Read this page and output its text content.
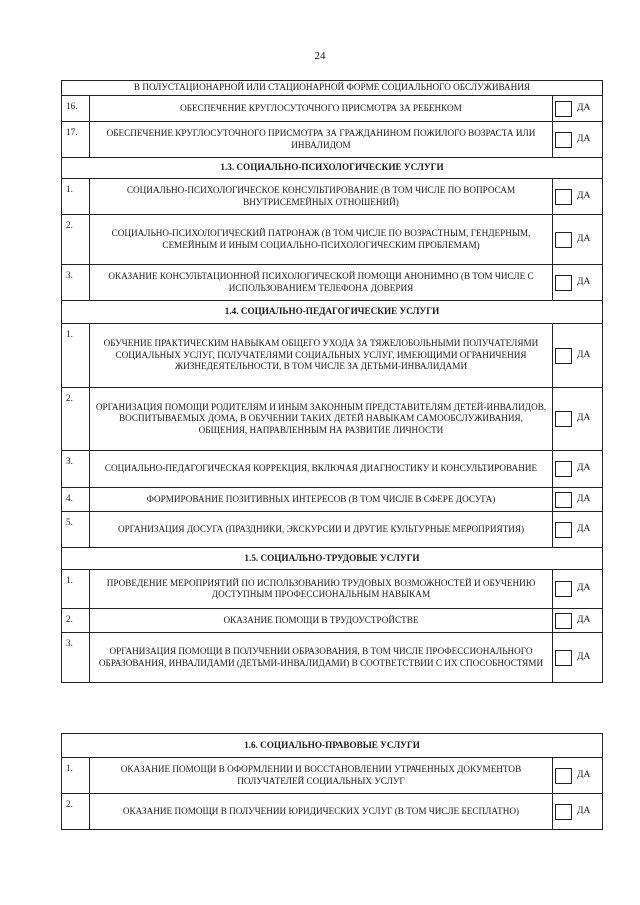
24
В ПОЛУСТАЦИОНАРНОЙ ИЛИ СТАЦИОНАРНОЙ ФОРМЕ СОЦИАЛЬНОГО ОБСЛУЖИВАНИЯ		
16.	ОБЕСПЕЧЕНИЕ КРУГЛОСУТОЧНОГО ПРИСМОТРА ЗА РЕБЕНКОМ	ДА

17.	ОБЕСПЕЧЕНИЕ КРУГЛОСУТОЧНОГО ПРИСМОТРА ЗА ГРАЖДАНИНОМ ПОЖИЛОГО ВОЗРАСТА ИЛИ ИНВАЛИДОМ	ДА

1.3. СОЦИАЛЬНО-ПСИХОЛОГИЧЕСКИЕ УСЛУГИ		
1.	СОЦИАЛЬНО-ПСИХОЛОГИЧЕСКОЕ КОНСУЛЬТИРОВАНИЕ (В ТОМ ЧИСЛЕ ПО ВОПРОСАМ ВНУТРИСЕМЕЙНЫХ ОТНОШЕНИЙ)	ДА

2.	СОЦИАЛЬНО-ПСИХОЛОГИЧЕСКИЙ ПАТРОНАЖ (В ТОМ ЧИСЛЕ ПО ВОЗРАСТНЫМ, ГЕНДЕРНЫМ, СЕМЕЙНЫМ И ИНЫМ СОЦИАЛЬНО-ПСИХОЛОГИЧЕСКИМ ПРОБЛЕМАМ)	ДА

3.	ОКАЗАНИЕ КОНСУЛЬТАЦИОННОЙ ПСИХОЛОГИЧЕСКОЙ ПОМОЩИ АНОНИМНО (В ТОМ ЧИСЛЕ С ИСПОЛЬЗОВАНИЕМ ТЕЛЕФОНА ДОВЕРИЯ	ДА

1.4. СОЦИАЛЬНО-ПЕДАГОГИЧЕСКИЕ УСЛУГИ		
1.	ОБУЧЕНИЕ ПРАКТИЧЕСКИМ НАВЫКАМ ОБЩЕГО УХОДА ЗА ТЯЖЕЛОБОЛЬНЫМИ ПОЛУЧАТЕЛЯМИ СОЦИАЛЬНЫХ УСЛУГ, ПОЛУЧАТЕЛЯМИ СОЦИАЛЬНЫХ УСЛУГ, ИМЕЮЩИМИ ОГРАНИЧЕНИЯ ЖИЗНЕДЕЯТЕЛЬНОСТИ, В ТОМ ЧИСЛЕ ЗА ДЕТЬМИ-ИНВАЛИДАМИ	ДА

2.	ОРГАНИЗАЦИЯ ПОМОЩИ РОДИТЕЛЯМ И ИНЫМ ЗАКОННЫМ ПРЕДСТАВИТЕЛЯМ ДЕТЕЙ-ИНВАЛИДОВ, ВОСПИТЫВАЕМЫХ ДОМА, В ОБУЧЕНИИ ТАКИХ ДЕТЕЙ НАВЫКАМ САМООБСЛУЖИВАНИЯ, ОБЩЕНИЯ, НАПРАВЛЕННЫМ НА РАЗВИТИЕ ЛИЧНОСТИ	ДА

3.	СОЦИАЛЬНО-ПЕДАГОГИЧЕСКАЯ КОРРЕКЦИЯ, ВКЛЮЧАЯ ДИАГНОСТИКУ И КОНСУЛЬТИРОВАНИЕ	ДА

4.	ФОРМИРОВАНИЕ ПОЗИТИВНЫХ ИНТЕРЕСОВ (В ТОМ ЧИСЛЕ В СФЕРЕ ДОСУГА)	ДА

5.	ОРГАНИЗАЦИЯ ДОСУГА (ПРАЗДНИКИ, ЭКСКУРСИИ И ДРУГИЕ КУЛЬТУРНЫЕ МЕРОПРИЯТИЯ)	ДА

1.5. СОЦИАЛЬНО-ТРУДОВЫЕ УСЛУГИ		
1.	ПРОВЕДЕНИЕ МЕРОПРИЯТИЙ ПО ИСПОЛЬЗОВАНИЮ ТРУДОВЫХ ВОЗМОЖНОСТЕЙ И ОБУЧЕНИЮ ДОСТУПНЫМ ПРОФЕССИОНАЛЬНЫМ НАВЫКАМ	ДА

2.	ОКАЗАНИЕ ПОМОЩИ В ТРУДОУСТРОЙСТВЕ	ДА

3.	ОРГАНИЗАЦИЯ ПОМОЩИ В ПОЛУЧЕНИИ ОБРАЗОВАНИЯ, В ТОМ ЧИСЛЕ ПРОФЕССИОНАЛЬНОГО ОБРАЗОВАНИЯ, ИНВАЛИДАМИ (ДЕТЬМИ-ИНВАЛИДАМИ) В СООТВЕТСТВИИ С ИХ СПОСОБНОСТЯМИ	ДА
1.6. СОЦИАЛЬНО-ПРАВОВЫЕ УСЛУГИ		
1.	ОКАЗАНИЕ ПОМОЩИ В ОФОРМЛЕНИИ И ВОССТАНОВЛЕНИИ УТРАЧЕННЫХ ДОКУМЕНТОВ ПОЛУЧАТЕЛЕЙ СОЦИАЛЬНЫХ УСЛУГ	ДА

2.	ОКАЗАНИЕ ПОМОЩИ В ПОЛУЧЕНИИ ЮРИДИЧЕСКИХ УСЛУГ (В ТОМ ЧИСЛЕ БЕСПЛАТНО)	ДА
